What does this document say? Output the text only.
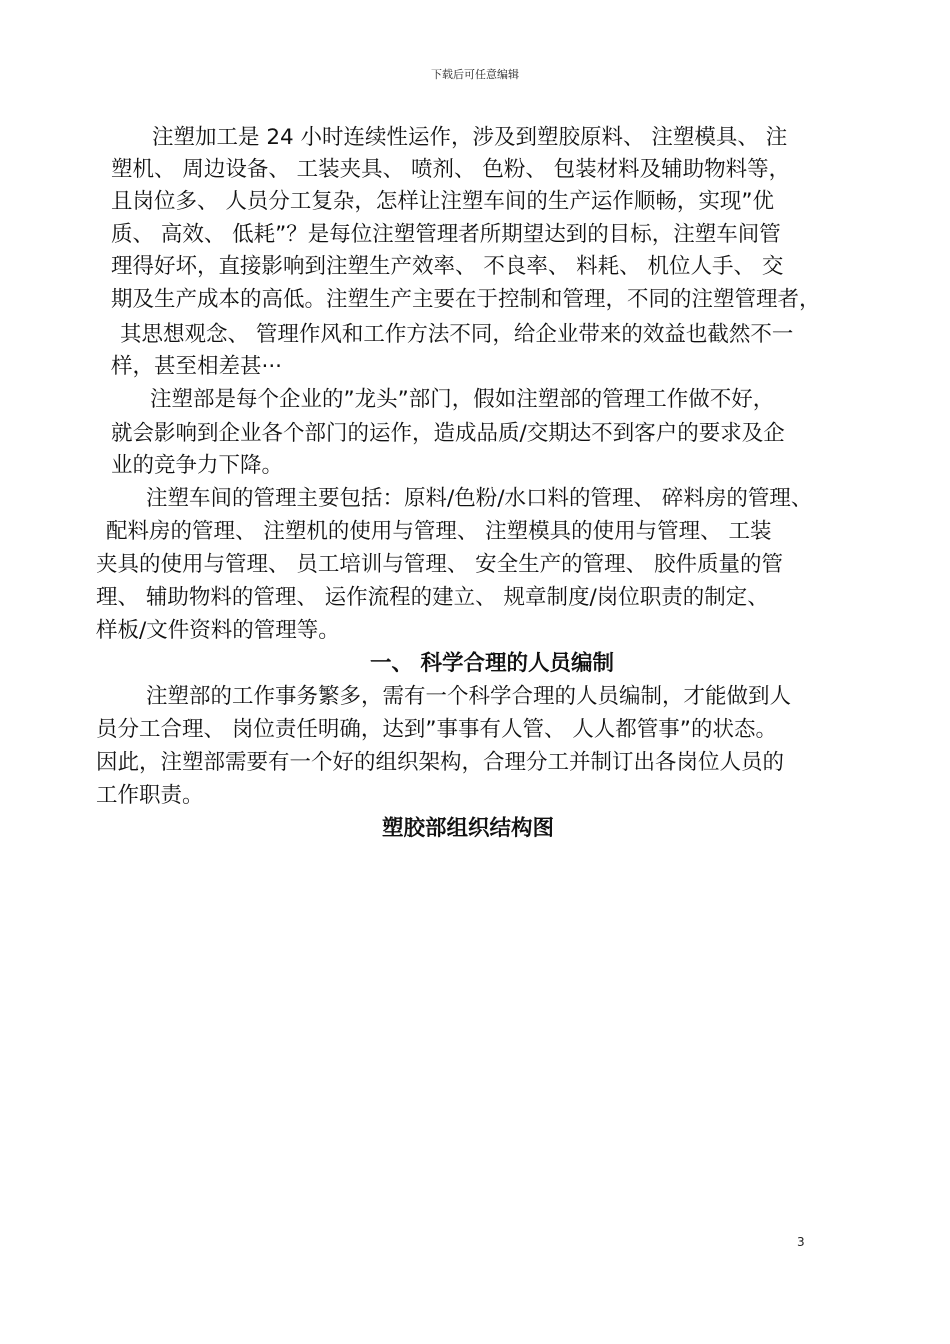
下载后可任意编辑
注塑加工是 24 小时连续性运作，涉及到塑胶原料、 注塑模具、 注
塑机、 周边设备、 工装夹具、 喷剂、 色粉、 包装材料及辅助物料等，
且岗位多、 人员分工复杂，怎样让注塑车间的生产运作顺畅，实现”优
质、 高效、 低耗”？是每位注塑管理者所期望达到的目标，注塑车间管
理得好坏，直接影响到注塑生产效率、 不良率、 料耗、 机位人手、 交
期及生产成本的高低。注塑生产主要在于控制和管理，不同的注塑管理者，
其思想观念、 管理作风和工作方法不同，给企业带来的效益也截然不一
样，甚至相差甚···
注塑部是每个企业的”龙头”部门，假如注塑部的管理工作做不好，
就会影响到企业各个部门的运作，造成品质/交期达不到客户的要求及企
业的竞争力下降。
注塑车间的管理主要包括：原料/色粉/水口料的管理、 碎料房的管理、
配料房的管理、 注塑机的使用与管理、 注塑模具的使用与管理、 工装
夹具的使用与管理、 员工培训与管理、 安全生产的管理、 胶件质量的管
理、 辅助物料的管理、 运作流程的建立、 规章制度/岗位职责的制定、
样板/文件资料的管理等。
一、 科学合理的人员编制
注塑部的工作事务繁多，需有一个科学合理的人员编制，才能做到人
员分工合理、 岗位责任明确，达到”事事有人管、 人人都管事”的状态。
因此，注塑部需要有一个好的组织架构，合理分工并制订出各岗位人员的
工作职责。
塑胶部组织结构图
3
